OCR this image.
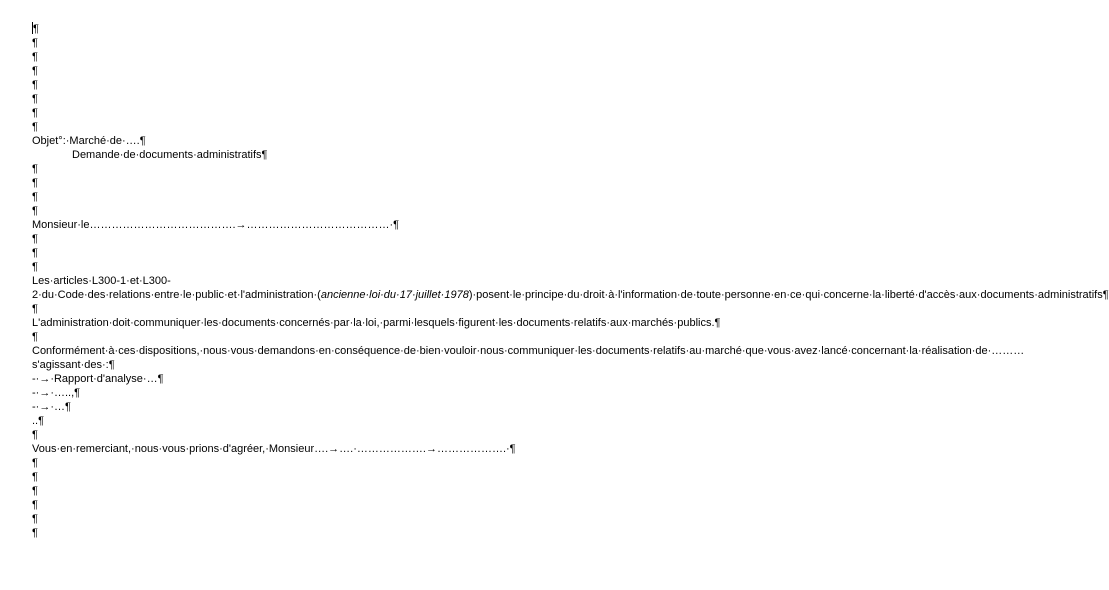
¶

¶

¶

¶

¶

¶

¶

¶

Objet°:·Marché·de·….¶

Demande·de·documents·administratifs¶

¶

¶

¶

¶

Monsieur·le………………………………….→…………………………………·¶

¶

¶

¶

Les·articles·L300-1·et·L300-2·du·Code·des·relations·entre·le·public·et·l'administration·(ancienne·loi·du·17·juillet·1978)·posent·le·principe·du·droit·à·l'information·de·toute·personne·en·ce·qui·concerne·la·liberté·d'accès·aux·documents·administratifs¶

¶

L'administration·doit·communiquer·les·documents·concernés·par·la·loi,·parmi·lesquels·figurent·les·documents·relatifs·aux·marchés·publics.¶

¶

Conformément·à·ces·dispositions,·nous·vous·demandons·en·conséquence·de·bien·vouloir·nous·communiquer·les·documents·relatifs·au·marché·que·vous·avez·lancé·concernant·la·réalisation·de·………s'agissant·des·:¶

-·→·Rapport·d'analyse·…¶

-·→·…..,¶

-·→·…¶

..¶

¶

Vous·en·remerciant,·nous·vous·prions·d'agréer,·Monsieur….→….·……………….→……………….·¶

¶

¶

¶

¶

¶

¶
